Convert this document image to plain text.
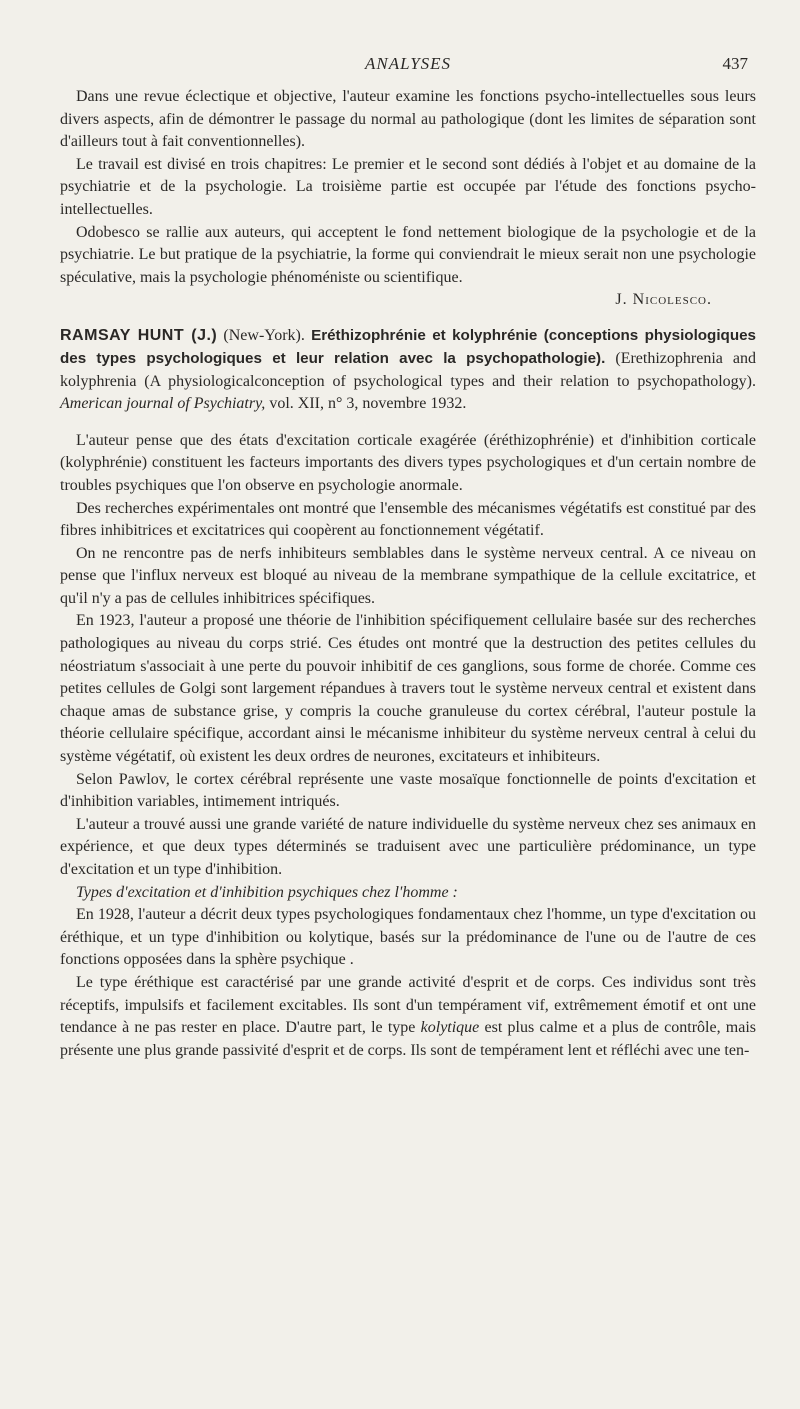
ANALYSES	437

Dans une revue éclectique et objective, l'auteur examine les fonctions psycho-intellectuelles sous leurs divers aspects, afin de démontrer le passage du normal au pathologique (dont les limites de séparation sont d'ailleurs tout à fait conventionnelles).

Le travail est divisé en trois chapitres: Le premier et le second sont dédiés à l'objet et au domaine de la psychiatrie et de la psychologie. La troisième partie est occupée par l'étude des fonctions psycho-intellectuelles.

Odobesco se rallie aux auteurs, qui acceptent le fond nettement biologique de la psychologie et de la psychiatrie. Le but pratique de la psychiatrie, la forme qui conviendrait le mieux serait non une psychologie spéculative, mais la psychologie phénoméniste ou scientifique.

J. Nicolesco.
RAMSAY HUNT (J.) (New-York). Eréthizophrénie et kolyphrénie (conceptions physiologiques des types psychologiques et leur relation avec la psychopathologie). (Erethizophrenia and kolyphrenia (A physiologicalconception of psychological types and their relation to psychopathology). American journal of Psychiatry, vol. XII, n° 3, novembre 1932.

L'auteur pense que des états d'excitation corticale exagérée (éréthizophrénie) et d'inhibition corticale (kolyphrénie) constituent les facteurs importants des divers types psychologiques et d'un certain nombre de troubles psychiques que l'on observe en psychologie anormale.

Des recherches expérimentales ont montré que l'ensemble des mécanismes végétatifs est constitué par des fibres inhibitrices et excitatrices qui coopèrent au fonctionnement végétatif.

On ne rencontre pas de nerfs inhibiteurs semblables dans le système nerveux central. A ce niveau on pense que l'influx nerveux est bloqué au niveau de la membrane sympathique de la cellule excitatrice, et qu'il n'y a pas de cellules inhibitrices spécifiques.

En 1923, l'auteur a proposé une théorie de l'inhibition spécifiquement cellulaire basée sur des recherches pathologiques au niveau du corps strié. Ces études ont montré que la destruction des petites cellules du néostriatum s'associait à une perte du pouvoir inhibitif de ces ganglions, sous forme de chorée. Comme ces petites cellules de Golgi sont largement répandues à travers tout le système nerveux central et existent dans chaque amas de substance grise, y compris la couche granuleuse du cortex cérébral, l'auteur postule la théorie cellulaire spécifique, accordant ainsi le mécanisme inhibiteur du système nerveux central à celui du système végétatif, où existent les deux ordres de neurones, excitateurs et inhibiteurs.

Selon Pawlov, le cortex cérébral représente une vaste mosaïque fonctionnelle de points d'excitation et d'inhibition variables, intimement intriqués.

L'auteur a trouvé aussi une grande variété de nature individuelle du système nerveux chez ses animaux en expérience, et que deux types déterminés se traduisent avec une particulière prédominance, un type d'excitation et un type d'inhibition.

Types d'excitation et d'inhibition psychiques chez l'homme :

En 1928, l'auteur a décrit deux types psychologiques fondamentaux chez l'homme, un type d'excitation ou éréthique, et un type d'inhibition ou kolytique, basés sur la prédominance de l'une ou de l'autre de ces fonctions opposées dans la sphère psychique .

Le type éréthique est caractérisé par une grande activité d'esprit et de corps. Ces individus sont très réceptifs, impulsifs et facilement excitables. Ils sont d'un tempérament vif, extrêmement émotif et ont une tendance à ne pas rester en place. D'autre part, le type kolytique est plus calme et a plus de contrôle, mais présente une plus grande passivité d'esprit et de corps. Ils sont de tempérament lent et réfléchi avec une ten-
